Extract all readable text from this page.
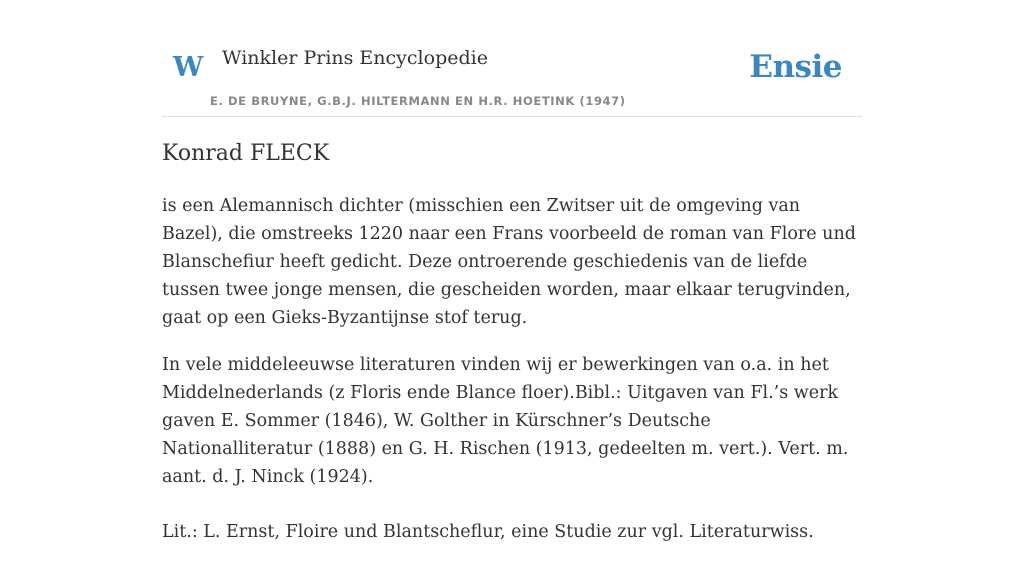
W Winkler Prins Encyclopedie
E. DE BRUYNE, G.B.J. HILTERMANN EN H.R. HOETINK (1947)
Ensie
Konrad FLECK

is een Alemannisch dichter (misschien een Zwitser uit de omgeving van Bazel), die omstreeks 1220 naar een Frans voorbeeld de roman van Flore und Blanschefiur heeft gedicht. Deze ontroerende geschiedenis van de liefde tussen twee jonge mensen, die gescheiden worden, maar elkaar terugvinden, gaat op een Gieks-Byzantijnse stof terug.

In vele middeleeuwse literaturen vinden wij er bewerkingen van o.a. in het Middelnederlands (z Floris ende Blance floer).Bibl.: Uitgaven van Fl.’s werk gaven E. Sommer (1846), W. Golther in Kürschner’s Deutsche Nationalliteratur (1888) en G. H. Rischen (1913, gedeelten m. vert.). Vert. m. aant. d. J. Ninck (1924).

Lit.: L. Ernst, Floire und Blantscheflur, eine Studie zur vgl. Literaturwiss.
